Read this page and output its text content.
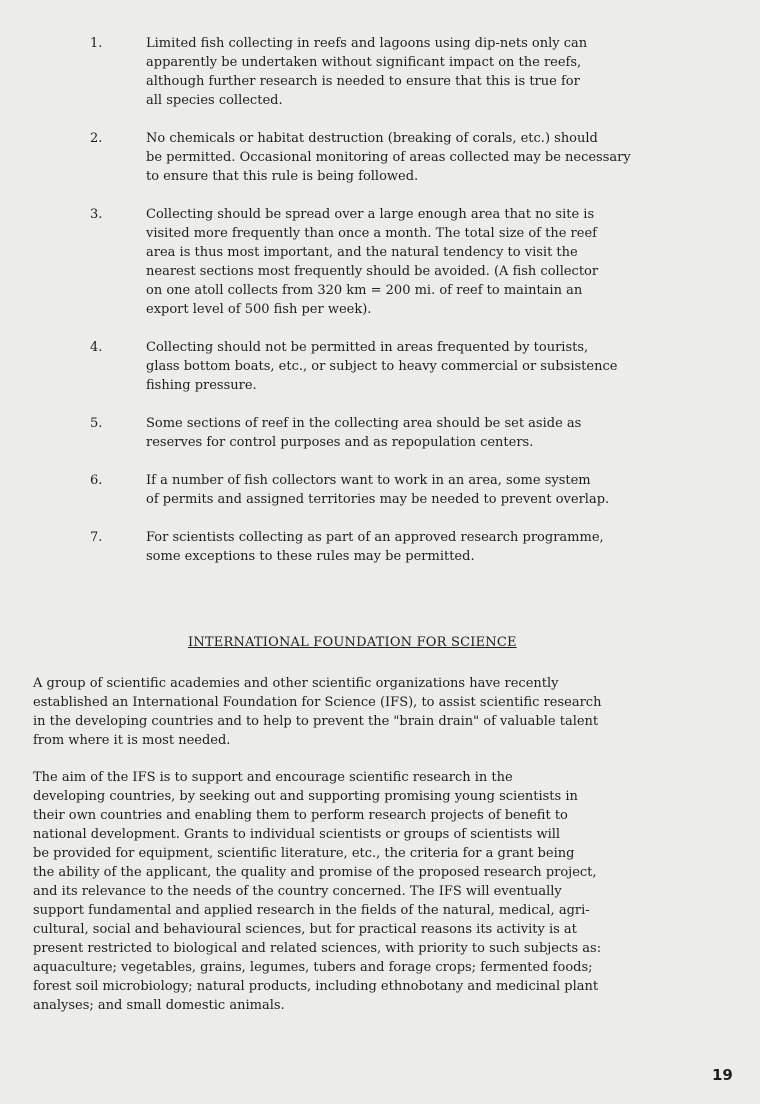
1.	Limited fish collecting in reefs and lagoons using dip-nets only can
apparently be undertaken without significant impact on the reefs,
although further research is needed to ensure that this is true for
all species collected.
2.	No chemicals or habitat destruction (breaking of corals, etc.) should
be permitted. Occasional monitoring of areas collected may be necessary
to ensure that this rule is being followed.
3.	Collecting should be spread over a large enough area that no site is
visited more frequently than once a month. The total size of the reef
area is thus most important, and the natural tendency to visit the
nearest sections most frequently should be avoided. (A fish collector
on one atoll collects from 320 km = 200 mi. of reef to maintain an
export level of 500 fish per week).
4.	Collecting should not be permitted in areas frequented by tourists,
glass bottom boats, etc., or subject to heavy commercial or subsistence
fishing pressure.
5.	Some sections of reef in the collecting area should be set aside as
reserves for control purposes and as repopulation centers.
6.	If a number of fish collectors want to work in an area, some system
of permits and assigned territories may be needed to prevent overlap.
7.	For scientists collecting as part of an approved research programme,
some exceptions to these rules may be permitted.
INTERNATIONAL FOUNDATION FOR SCIENCE
A group of scientific academies and other scientific organizations have recently
established an International Foundation for Science (IFS), to assist scientific research
in the developing countries and to help to prevent the "brain drain" of valuable talent
from where it is most needed.
The aim of the IFS is to support and encourage scientific research in the
developing countries, by seeking out and supporting promising young scientists in
their own countries and enabling them to perform research projects of benefit to
national development. Grants to individual scientists or groups of scientists will
be provided for equipment, scientific literature, etc., the criteria for a grant being
the ability of the applicant, the quality and promise of the proposed research project,
and its relevance to the needs of the country concerned. The IFS will eventually
support fundamental and applied research in the fields of the natural, medical, agri-
cultural, social and behavioural sciences, but for practical reasons its activity is at
present restricted to biological and related sciences, with priority to such subjects as:
aquaculture; vegetables, grains, legumes, tubers and forage crops; fermented foods;
forest soil microbiology; natural products, including ethnobotany and medicinal plant
analyses; and small domestic animals.
19
